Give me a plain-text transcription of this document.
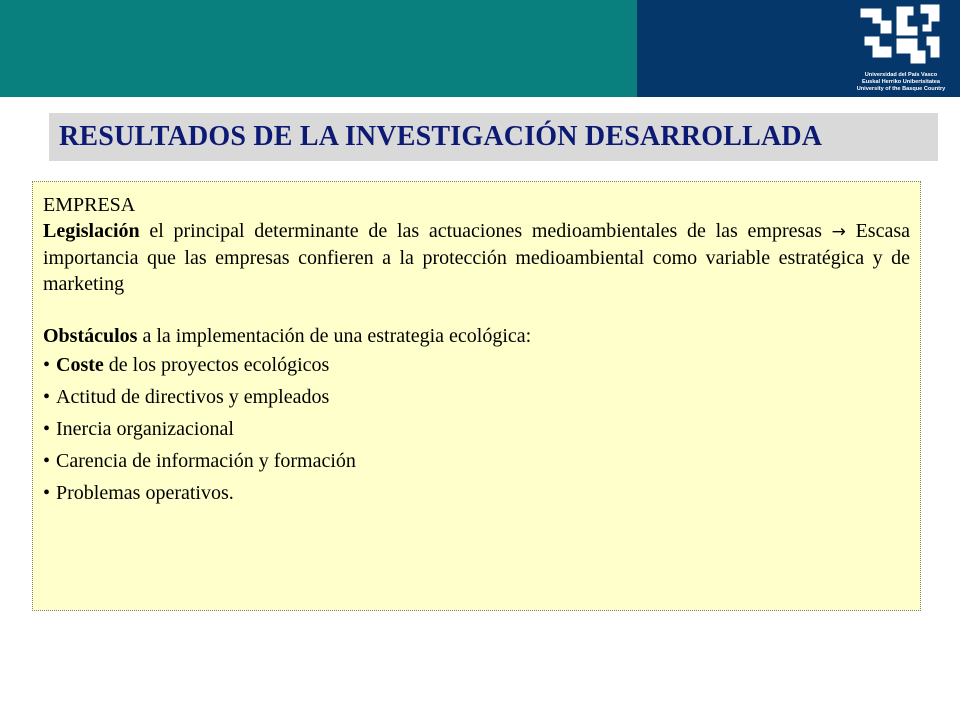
Universidad del País Vasco
Euskal Herriko Unibertsitatea
University of the Basque Country
RESULTADOS DE LA INVESTIGACIÓN DESARROLLADA

EMPRESA

Legislación el principal determinante de las actuaciones medioambientales de las empresas → Escasa importancia que las empresas confieren a la protección medioambiental como variable estratégica y de marketing

Obstáculos a la implementación de una estrategia ecológica:

• Coste de los proyectos ecológicos
• Actitud de directivos y empleados
• Inercia organizacional
• Carencia de información y formación
• Problemas operativos.
